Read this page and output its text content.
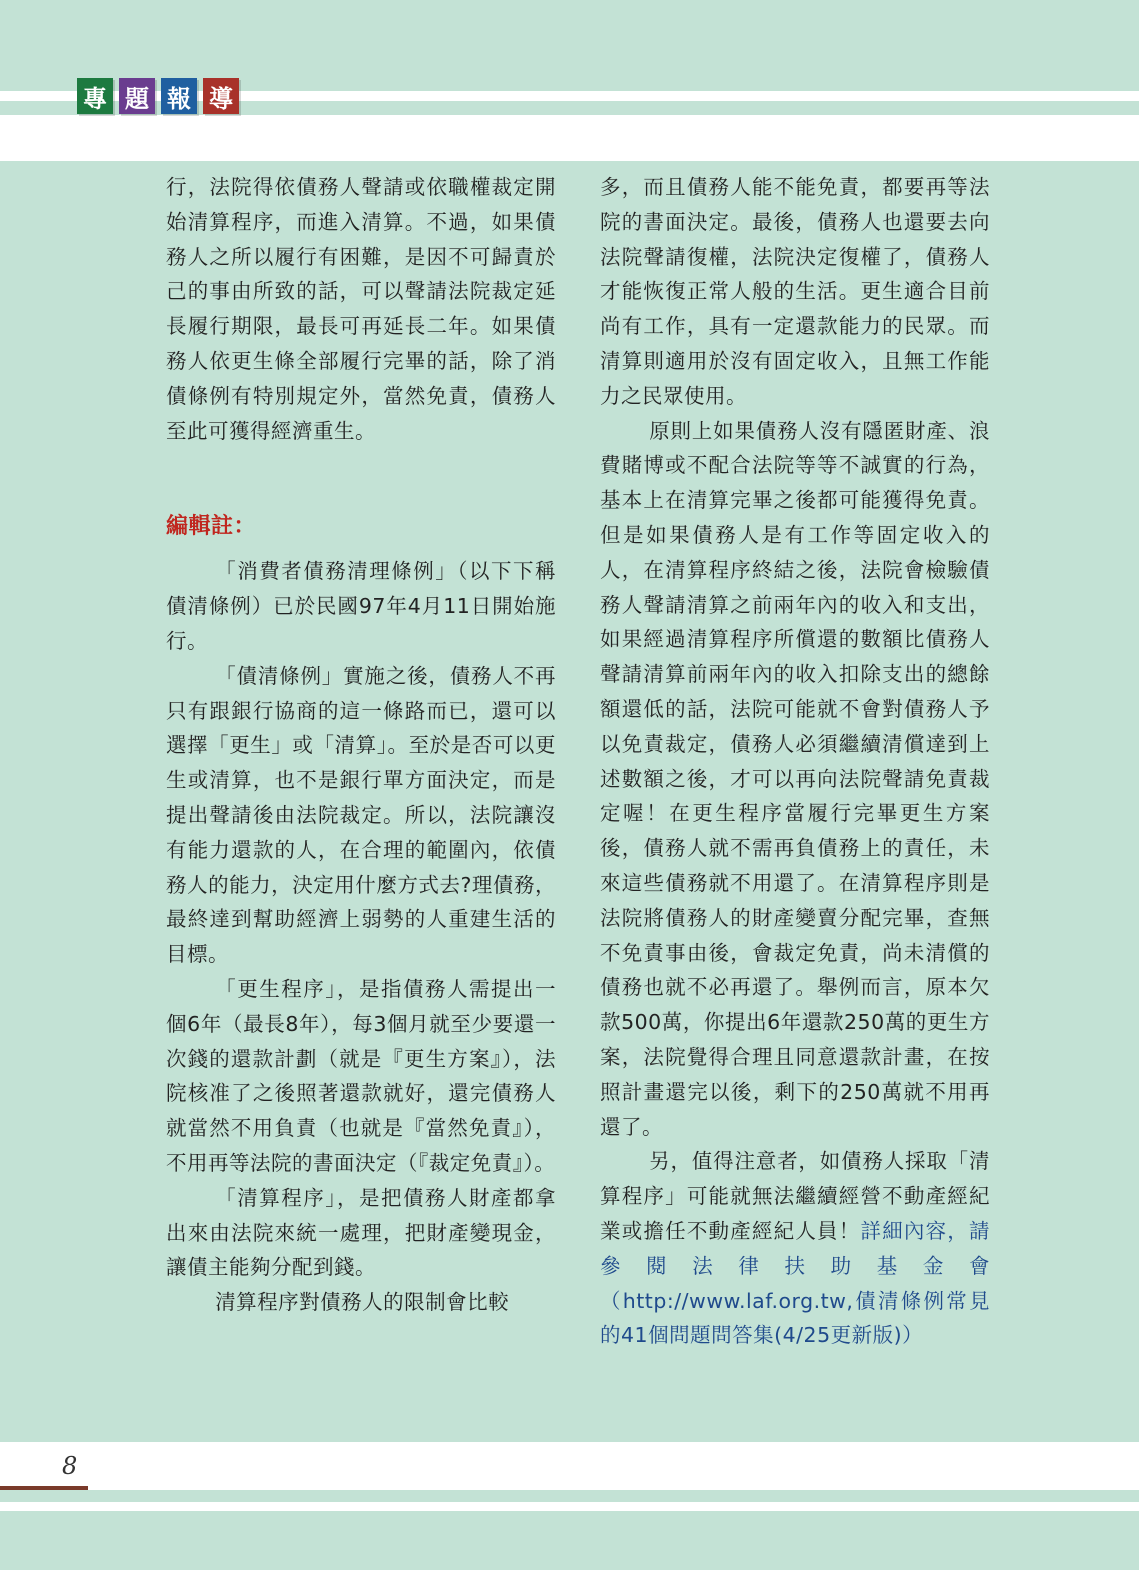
專 題 報 導

行，法院得依債務人聲請或依職權裁定開始清算程序，而進入清算。不過，如果債務人之所以履行有困難，是因不可歸責於己的事由所致的話，可以聲請法院裁定延長履行期限，最長可再延長二年。如果債務人依更生條全部履行完畢的話，除了消債條例有特別規定外，當然免責，債務人至此可獲得經濟重生。

編輯註：

「消費者債務清理條例」（以下下稱債清條例）已於民國97年4月11日開始施行。

「債清條例」實施之後，債務人不再只有跟銀行協商的這一條路而已，還可以選擇「更生」或「清算」。至於是否可以更生或清算，也不是銀行單方面決定，而是提出聲請後由法院裁定。所以，法院讓沒有能力還款的人，在合理的範圍內，依債務人的能力，決定用什麼方式去?理債務，最終達到幫助經濟上弱勢的人重建生活的目標。

「更生程序」，是指債務人需提出一個6年（最長8年），每3個月就至少要還一次錢的還款計劃（就是『更生方案』），法院核准了之後照著還款就好，還完債務人就當然不用負責（也就是『當然免責』），不用再等法院的書面決定（『裁定免責』）。

「清算程序」，是把債務人財產都拿出來由法院來統一處理，把財產變現金，讓債主能夠分配到錢。

清算程序對債務人的限制會比較

多，而且債務人能不能免責，都要再等法院的書面決定。最後，債務人也還要去向法院聲請復權，法院決定復權了，債務人才能恢復正常人般的生活。更生適合目前尚有工作，具有一定還款能力的民眾。而清算則適用於沒有固定收入，且無工作能力之民眾使用。

原則上如果債務人沒有隱匿財產、浪費賭博或不配合法院等等不誠實的行為，基本上在清算完畢之後都可能獲得免責。但是如果債務人是有工作等固定收入的人，在清算程序終結之後，法院會檢驗債務人聲請清算之前兩年內的收入和支出，如果經過清算程序所償還的數額比債務人聲請清算前兩年內的收入扣除支出的總餘額還低的話，法院可能就不會對債務人予以免責裁定，債務人必須繼續清償達到上述數額之後，才可以再向法院聲請免責裁定喔！在更生程序當履行完畢更生方案後，債務人就不需再負債務上的責任，未來這些債務就不用還了。在清算程序則是法院將債務人的財產變賣分配完畢，查無不免責事由後，會裁定免責，尚未清償的債務也就不必再還了。舉例而言，原本欠款500萬，你提出6年還款250萬的更生方案，法院覺得合理且同意還款計畫，在按照計畫還完以後，剩下的250萬就不用再還了。

另，值得注意者，如債務人採取「清算程序」可能就無法繼續經營不動產經紀業或擔任不動產經紀人員！詳細內容，請參閱法律扶助基金會（http://www.laf.org.tw,債清條例常見的41個問題問答集(4/25更新版)）

8
